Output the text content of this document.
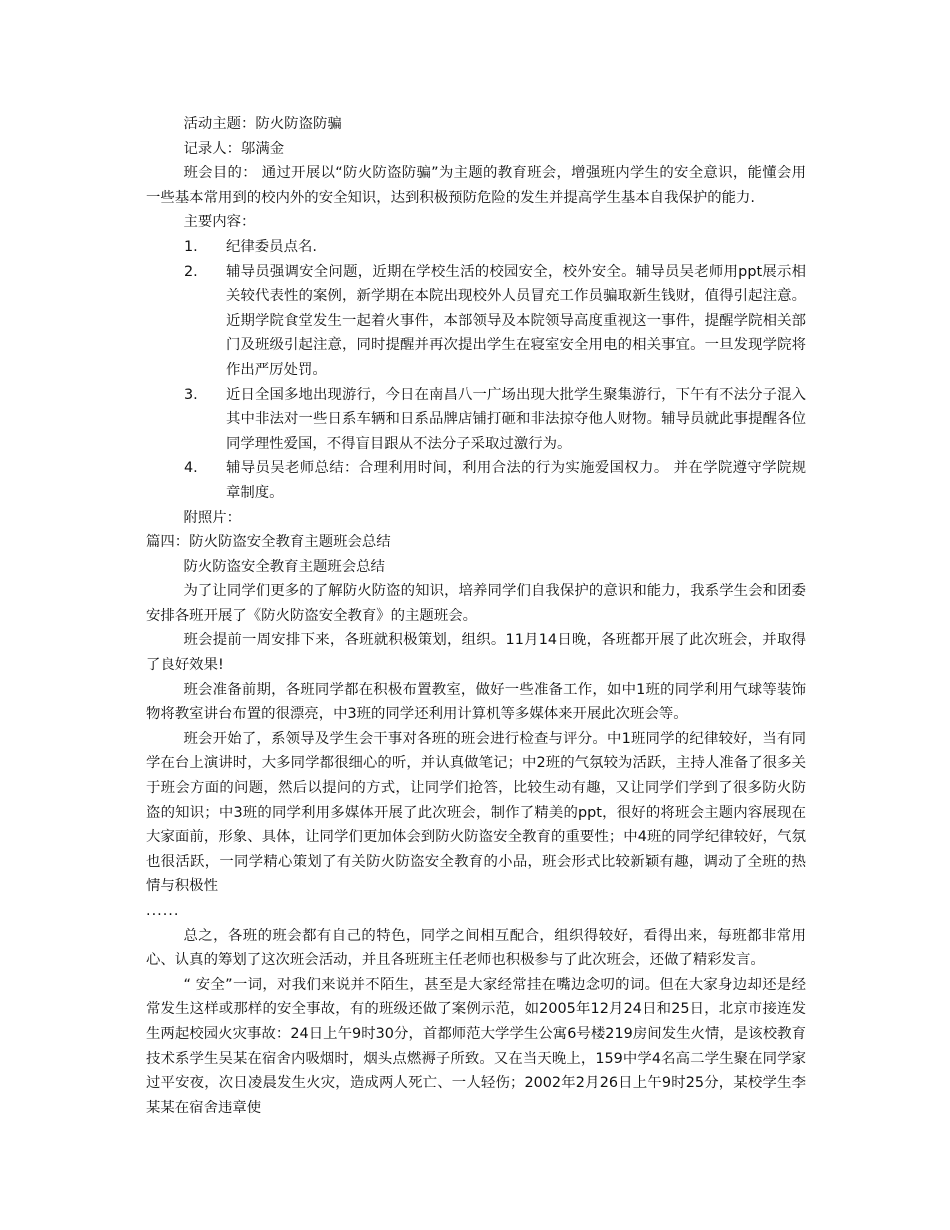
活动主题：防火防盗防骗

记录人：邬满金

班会目的： 通过开展以“防火防盗防骗”为主题的教育班会，增强班内学生的安全意识，能懂会用一些基本常用到的校内外的安全知识，达到积极预防危险的发生并提高学生基本自我保护的能力.

主要内容：

1. 纪律委员点名.
2. 辅导员强调安全问题，近期在学校生活的校园安全，校外安全。辅导员吴老师用ppt展示相关较代表性的案例，新学期在本院出现校外人员冒充工作员骗取新生钱财，值得引起注意。近期学院食堂发生一起着火事件，本部领导及本院领导高度重视这一事件，提醒学院相关部门及班级引起注意，同时提醒并再次提出学生在寝室安全用电的相关事宜。一旦发现学院将作出严厉处罚。
3. 近日全国多地出现游行，今日在南昌八一广场出现大批学生聚集游行，下午有不法分子混入其中非法对一些日系车辆和日系品牌店铺打砸和非法掠夺他人财物。辅导员就此事提醒各位同学理性爱国，不得盲目跟从不法分子采取过激行为。
4. 辅导员吴老师总结：合理利用时间，利用合法的行为实施爱国权力。 并在学院遵守学院规章制度。

附照片：

篇四：防火防盗安全教育主题班会总结

防火防盗安全教育主题班会总结

为了让同学们更多的了解防火防盗的知识，培养同学们自我保护的意识和能力，我系学生会和团委安排各班开展了《防火防盗安全教育》的主题班会。

班会提前一周安排下来，各班就积极策划，组织。11月14日晚，各班都开展了此次班会，并取得了良好效果!

班会准备前期，各班同学都在积极布置教室，做好一些准备工作，如中1班的同学利用气球等装饰物将教室讲台布置的很漂亮，中3班的同学还利用计算机等多媒体来开展此次班会等。

班会开始了，系领导及学生会干事对各班的班会进行检查与评分。中1班同学的纪律较好，当有同学在台上演讲时，大多同学都很细心的听，并认真做笔记；中2班的气氛较为活跃，主持人准备了很多关于班会方面的问题，然后以提问的方式，让同学们抢答，比较生动有趣，又让同学们学到了很多防火防盗的知识；中3班的同学利用多媒体开展了此次班会，制作了精美的ppt，很好的将班会主题内容展现在大家面前，形象、具体，让同学们更加体会到防火防盗安全教育的重要性；中4班的同学纪律较好，气氛也很活跃，一同学精心策划了有关防火防盗安全教育的小品，班会形式比较新颖有趣，调动了全班的热情与积极性

......

总之，各班的班会都有自己的特色，同学之间相互配合，组织得较好，看得出来，每班都非常用心、认真的筹划了这次班会活动，并且各班班主任老师也积极参与了此次班会，还做了精彩发言。

“ 安全”一词，对我们来说并不陌生，甚至是大家经常挂在嘴边念叨的词。但在大家身边却还是经常发生这样或那样的安全事故，有的班级还做了案例示范，如2005年12月24日和25日，北京市接连发生两起校园火灾事故：24日上午9时30分，首都师范大学学生公寓6号楼219房间发生火情，是该校教育技术系学生吴某在宿舍内吸烟时，烟头点燃褥子所致。又在当天晚上，159中学4名高二学生聚在同学家过平安夜，次日凌晨发生火灾，造成两人死亡、一人轻伤；2002年2月26日上午9时25分，某校学生李某某在宿舍违章使
